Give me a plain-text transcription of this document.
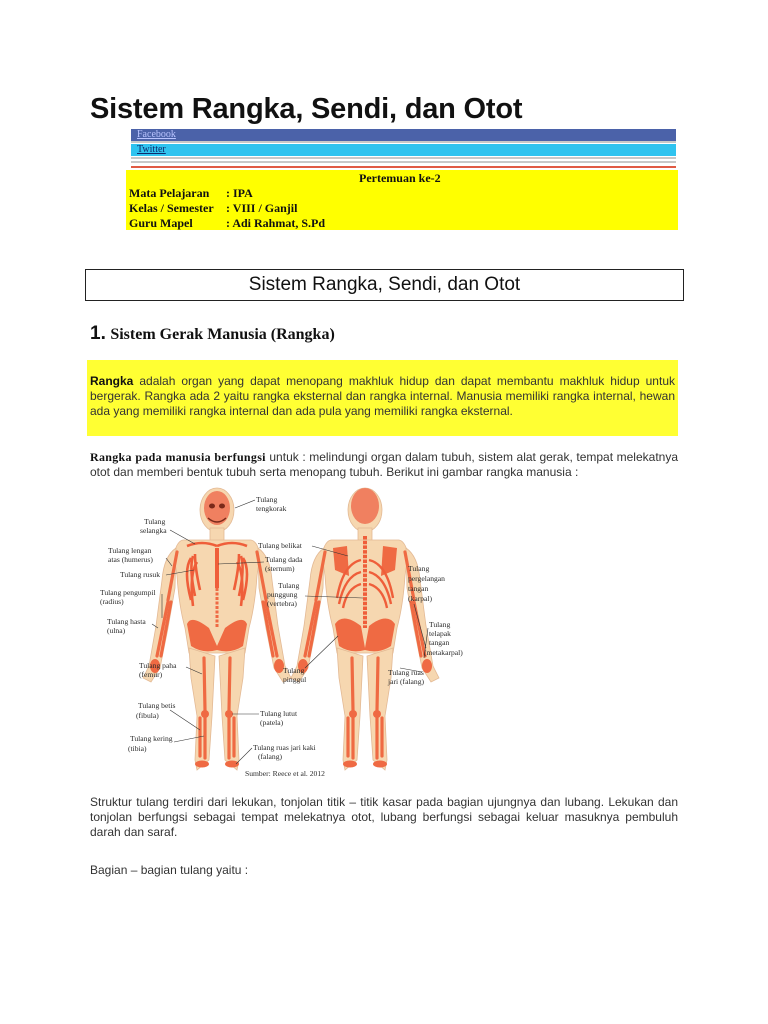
Sistem Rangka, Sendi, dan Otot
Facebook
Twitter
Pertemuan ke-2
Mata Pelajaran : IPA
Kelas / Semester : VIII / Ganjil
Guru Mapel	: Adi Rahmat, S.Pd
Sistem Rangka, Sendi, dan Otot
1. Sistem Gerak Manusia (Rangka)

Rangka adalah organ yang dapat menopang makhluk hidup dan dapat membantu makhluk hidup untuk bergerak. Rangka ada 2 yaitu rangka eksternal dan rangka internal. Manusia memiliki rangka internal, hewan ada yang memiliki rangka internal dan ada pula yang memiliki rangka eksternal.

Rangka pada manusia berfungsi untuk : melindungi organ dalam tubuh, sistem alat gerak, tempat melekatnya otot dan memberi bentuk tubuh serta menopang tubuh. Berikut ini gambar rangka manusia :
Tulang
tengkorak
Tulang
selangka
Tulang lengan
atas (humerus)
Tulang rusuk
Tulang pengumpil
(radius)
Tulang hasta
(ulna)
Tulang paha
(femur)
Tulang betis
(fibula)
Tulang kering
(tibia)
Tulang belikat
Tulang dada
(sternum)
Tulang
punggung
(vertebra)
Tulang
pinggul
Tulang lutut
(patela)
Tulang ruas jari kaki
(falang)
Tulang
pergelangan
tangan
(karpal)
Tulang
telapak
tangan
(metakarpal)
Tulang ruas
jari (falang)
Sumber: Reece et al. 2012
Struktur tulang terdiri dari lekukan, tonjolan titik – titik kasar pada bagian ujungnya dan lubang. Lekukan dan tonjolan berfungsi sebagai tempat melekatnya otot, lubang berfungsi sebagai keluar masuknya pembuluh darah dan saraf.
Bagian – bagian tulang yaitu :
